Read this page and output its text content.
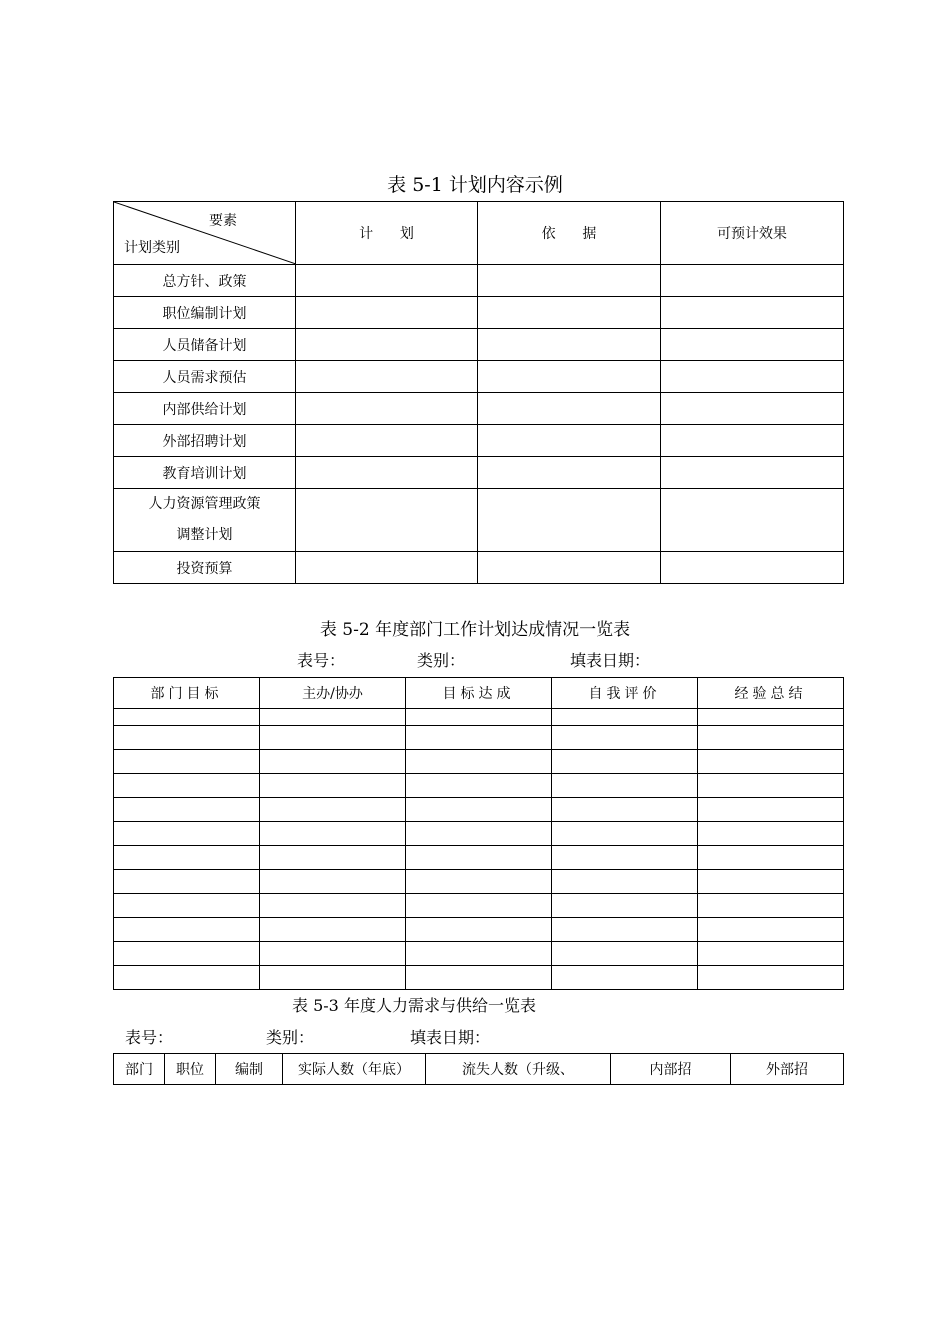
表 5-1 计划内容示例
要素
计划类别	计      划	依      据	可预计效果
总方针、政策			
职位编制计划			
人员储备计划			
人员需求预估			
内部供给计划			
外部招聘计划			
教育培训计划			
人力资源管理政策调整计划			
投资预算			
表 5-2 年度部门工作计划达成情况一览表
表号：	类别：	填表日期：
部门目标	主办/协办	目标达成	自我评价	经验总结

表 5-3 年度人力需求与供给一览表
表号：	类别：	填表日期：
部门	职位	编制	实际人数（年底）	流失人数（升级、	内部招	外部招
